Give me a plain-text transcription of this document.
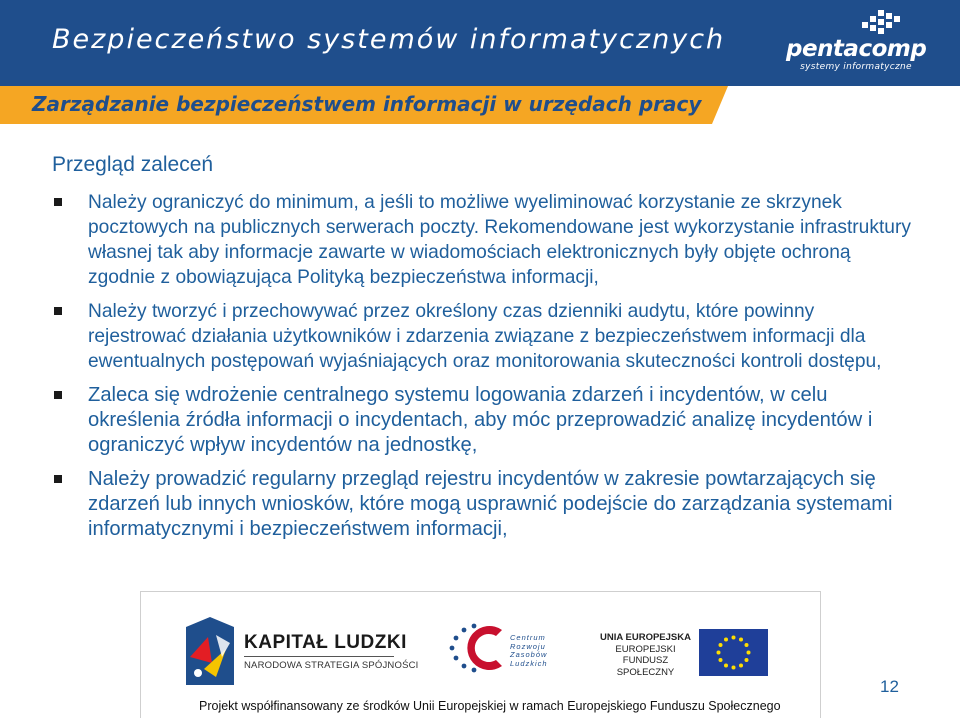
Bezpieczeństwo systemów informatycznych	pentacomp
systemy informatyczne
Zarządzanie bezpieczeństwem informacji w urzędach pracy
Przegląd zaleceń
Należy ograniczyć do minimum, a jeśli to możliwe wyeliminować korzystanie ze skrzynek pocztowych na publicznych serwerach poczty. Rekomendowane jest wykorzystanie infrastruktury własnej tak aby informacje zawarte w wiadomościach elektronicznych były objęte ochroną zgodnie z obowiązująca Polityką bezpieczeństwa informacji,
Należy tworzyć i przechowywać przez określony czas dzienniki audytu, które powinny rejestrować działania użytkowników i zdarzenia związane z bezpieczeństwem informacji dla ewentualnych postępowań wyjaśniających oraz monitorowania skuteczności kontroli dostępu,
Zaleca się wdrożenie centralnego systemu logowania zdarzeń i incydentów, w celu określenia źródła informacji o incydentach, aby móc przeprowadzić analizę incydentów i ograniczyć wpływ incydentów na jednostkę,
Należy prowadzić regularny przegląd rejestru incydentów w zakresie powtarzających się zdarzeń lub innych wniosków, które mogą usprawnić podejście do zarządzania systemami informatycznymi i bezpieczeństwem informacji,
KAPITAŁ LUDZKI
NARODOWA STRATEGIA SPÓJNOŚCI
Centrum
Rozwoju
Zasobów
Ludzkich
UNIA EUROPEJSKA
EUROPEJSKI
FUNDUSZ SPOŁECZNY
Projekt współfinansowany ze środków Unii Europejskiej w ramach Europejskiego Funduszu Społecznego
12
